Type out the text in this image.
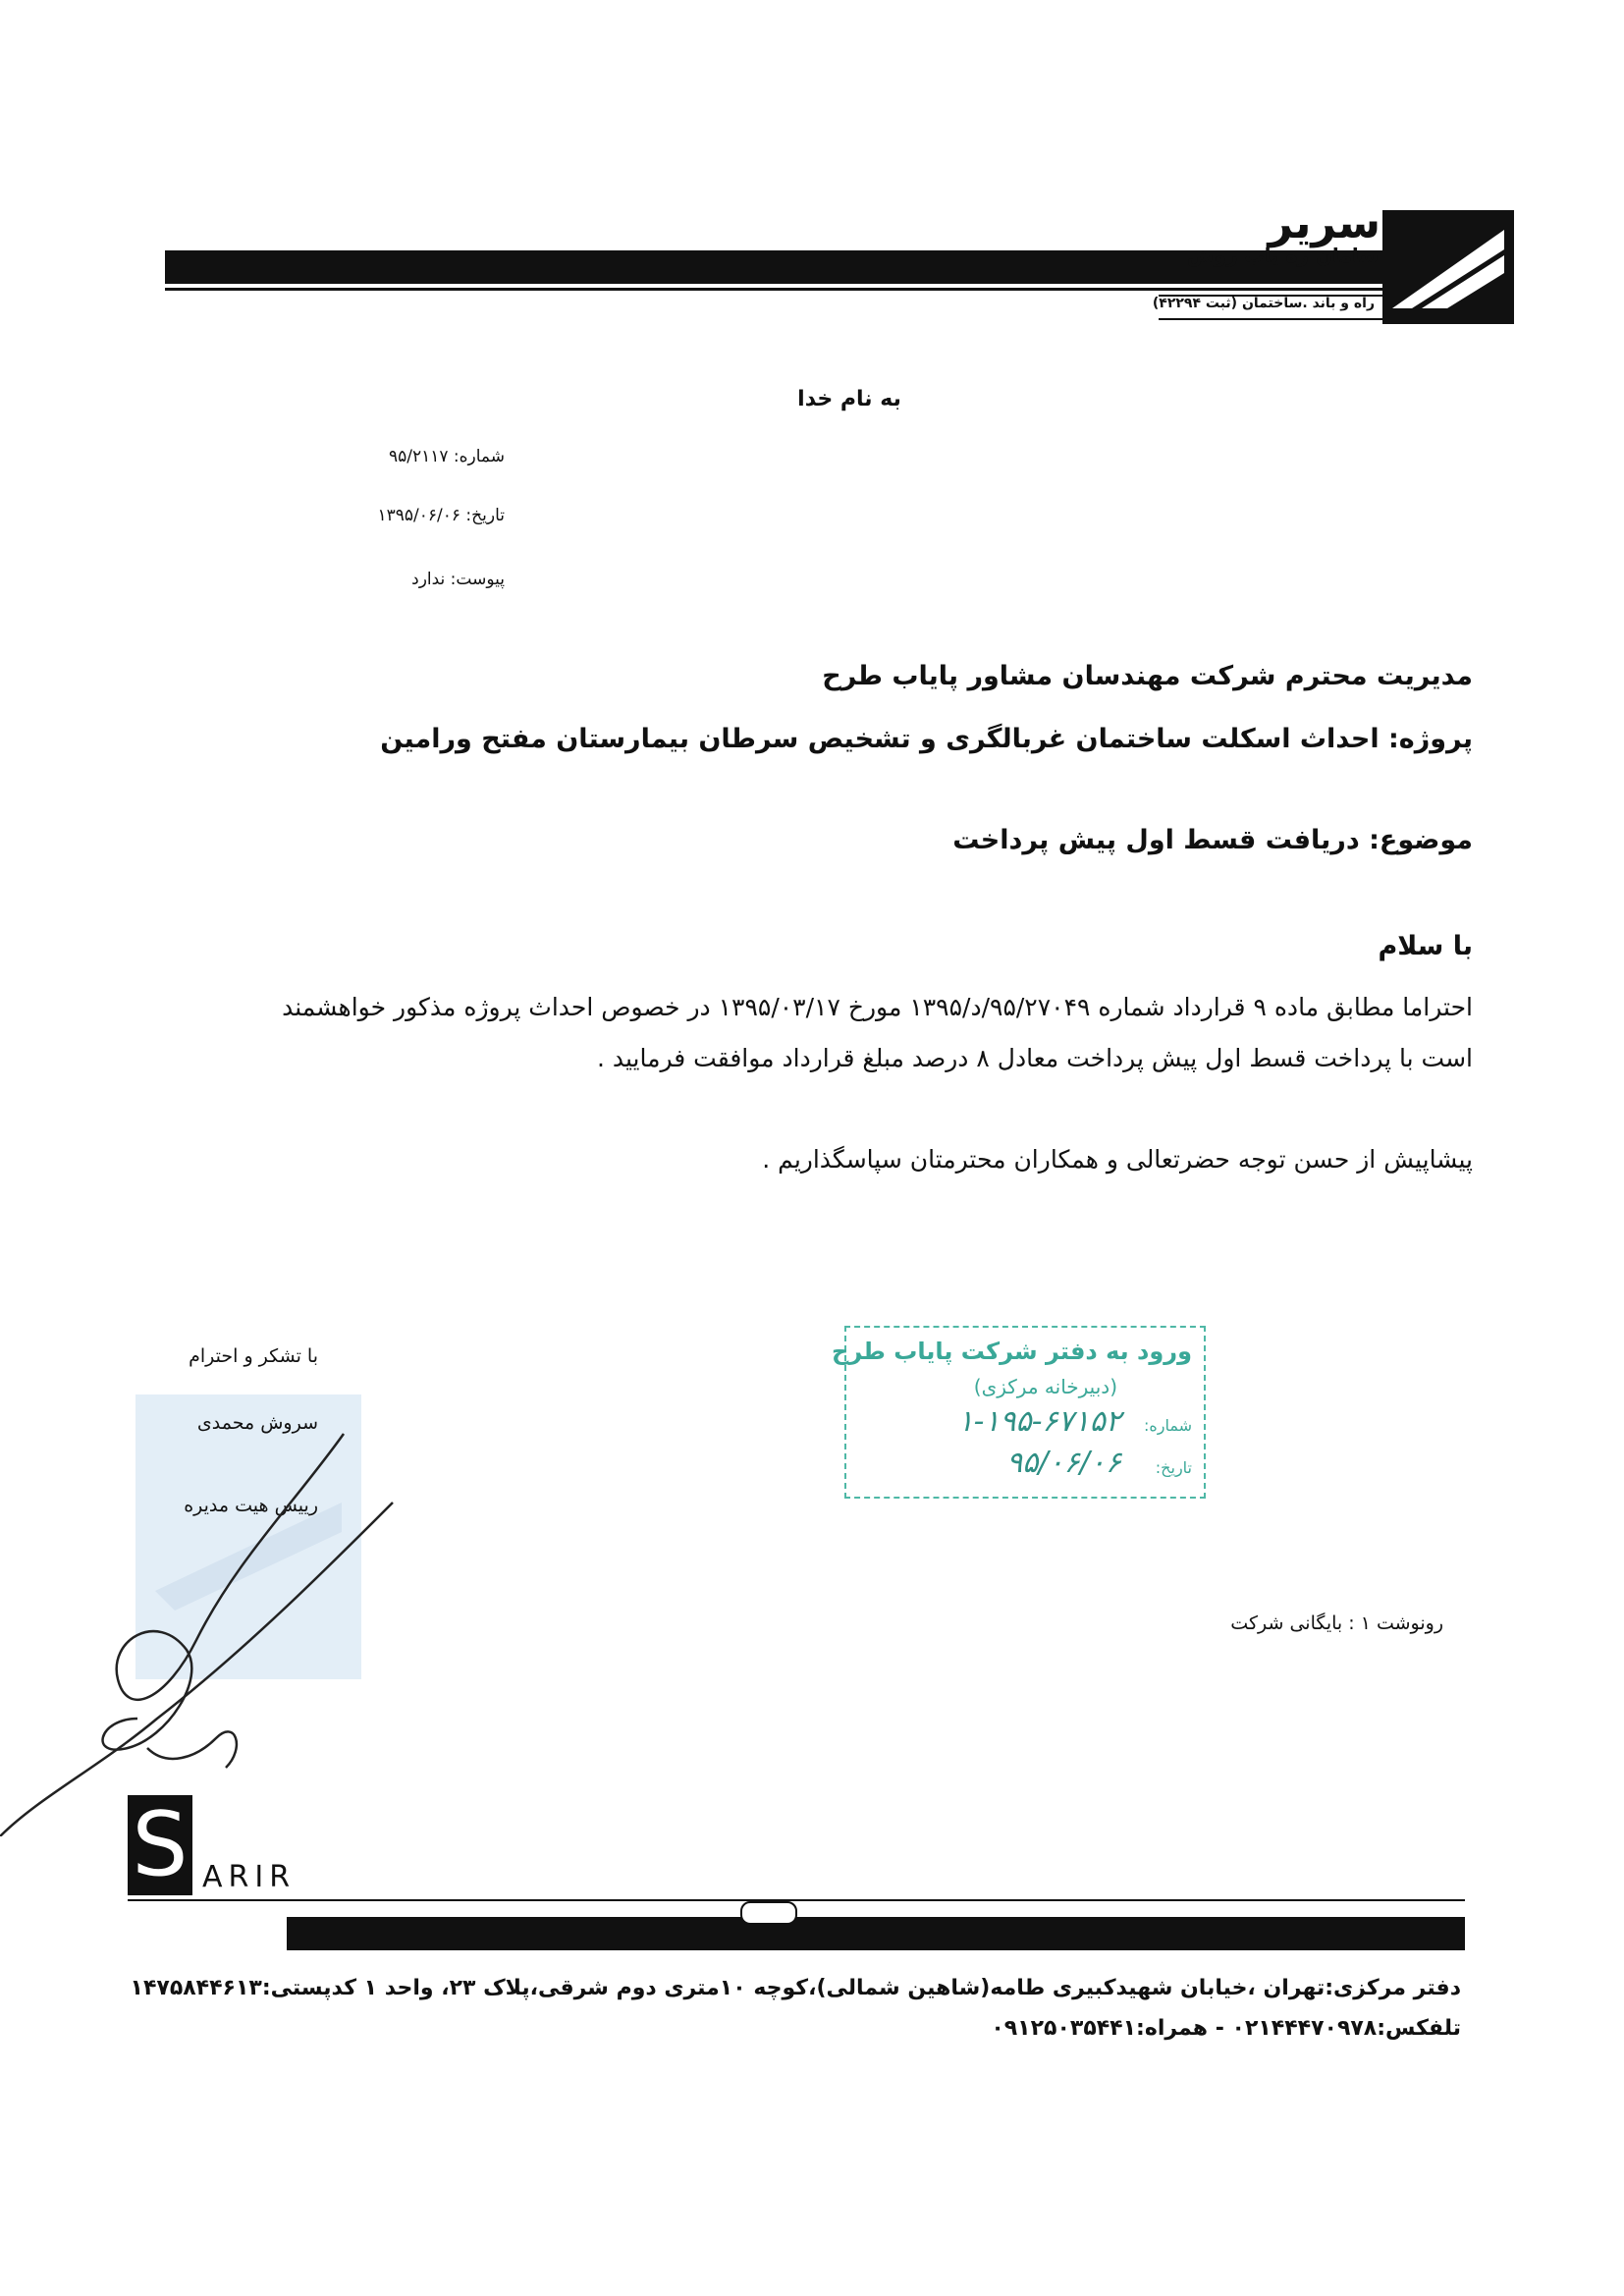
سریر
سامان ره یاب روش
راه و باند .ساختمان (ثبت ۴۲۲۹۴)
به نام خدا
شماره: ۹۵/۲۱۱۷
تاریخ: ۱۳۹۵/۰۶/۰۶
پیوست: ندارد
مدیریت محترم شرکت مهندسان مشاور پایاب طرح
پروژه: احداث اسکلت ساختمان غربالگری و تشخیص سرطان بیمارستان مفتح ورامین
موضوع: دریافت قسط اول پیش پرداخت
با سلام
احتراما مطابق ماده ۹ قرارداد شماره ۹۵/۲۷۰۴۹/د/۱۳۹۵ مورخ ۱۳۹۵/۰۳/۱۷ در خصوص احداث پروژه مذکور خواهشمند است با پرداخت قسط اول پیش پرداخت معادل ۸ درصد مبلغ قرارداد موافقت فرمایید .
پیشاپیش از حسن توجه حضرتعالی و همکاران محترمتان سپاسگذاریم .
با تشکر و احترام
سروش محمدی
رییس هیت مدیره
ورود به دفتر شرکت پایاب طرح
(دبیرخانه مرکزی)
شماره:
۱-۱۹۵-۶۷۱۵۲
تاریخ:
۹۵/۰۶/۰۶
رونوشت ۱ : بایگانی شرکت
S ARIR
دفتر مرکزی:تهران ،خیابان شهیدکبیری طامه(شاهین شمالی)،کوچه ۱۰متری دوم شرقی،پلاک ۲۳، واحد ۱ کدپستی:۱۴۷۵۸۴۴۶۱۳
تلفکس:۰۲۱۴۴۴۷۰۹۷۸ - همراه:۰۹۱۲۵۰۳۵۴۴۱
